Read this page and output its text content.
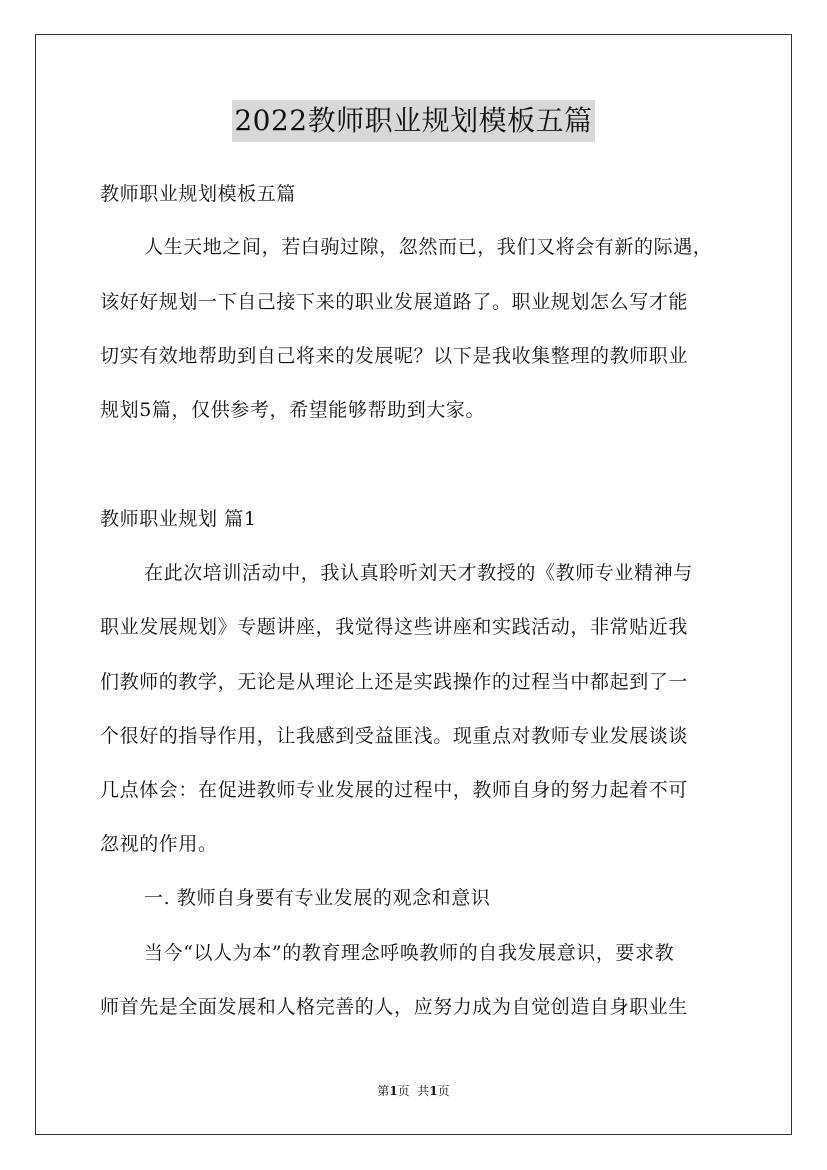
2022教师职业规划模板五篇
教师职业规划模板五篇
人生天地之间，若白驹过隙，忽然而已，我们又将会有新的际遇，
该好好规划一下自己接下来的职业发展道路了。职业规划怎么写才能
切实有效地帮助到自己将来的发展呢？以下是我收集整理的教师职业
规划5篇，仅供参考，希望能够帮助到大家。
教师职业规划 篇1
在此次培训活动中，我认真聆听刘天才教授的《教师专业精神与
职业发展规划》专题讲座，我觉得这些讲座和实践活动，非常贴近我
们教师的教学，无论是从理论上还是实践操作的过程当中都起到了一
个很好的指导作用，让我感到受益匪浅。现重点对教师专业发展谈谈
几点体会：在促进教师专业发展的过程中，教师自身的努力起着不可
忽视的作用。
一. 教师自身要有专业发展的观念和意识
当今“以人为本”的教育理念呼唤教师的自我发展意识，要求教
师首先是全面发展和人格完善的人，应努力成为自觉创造自身职业生
第1页  共1页
